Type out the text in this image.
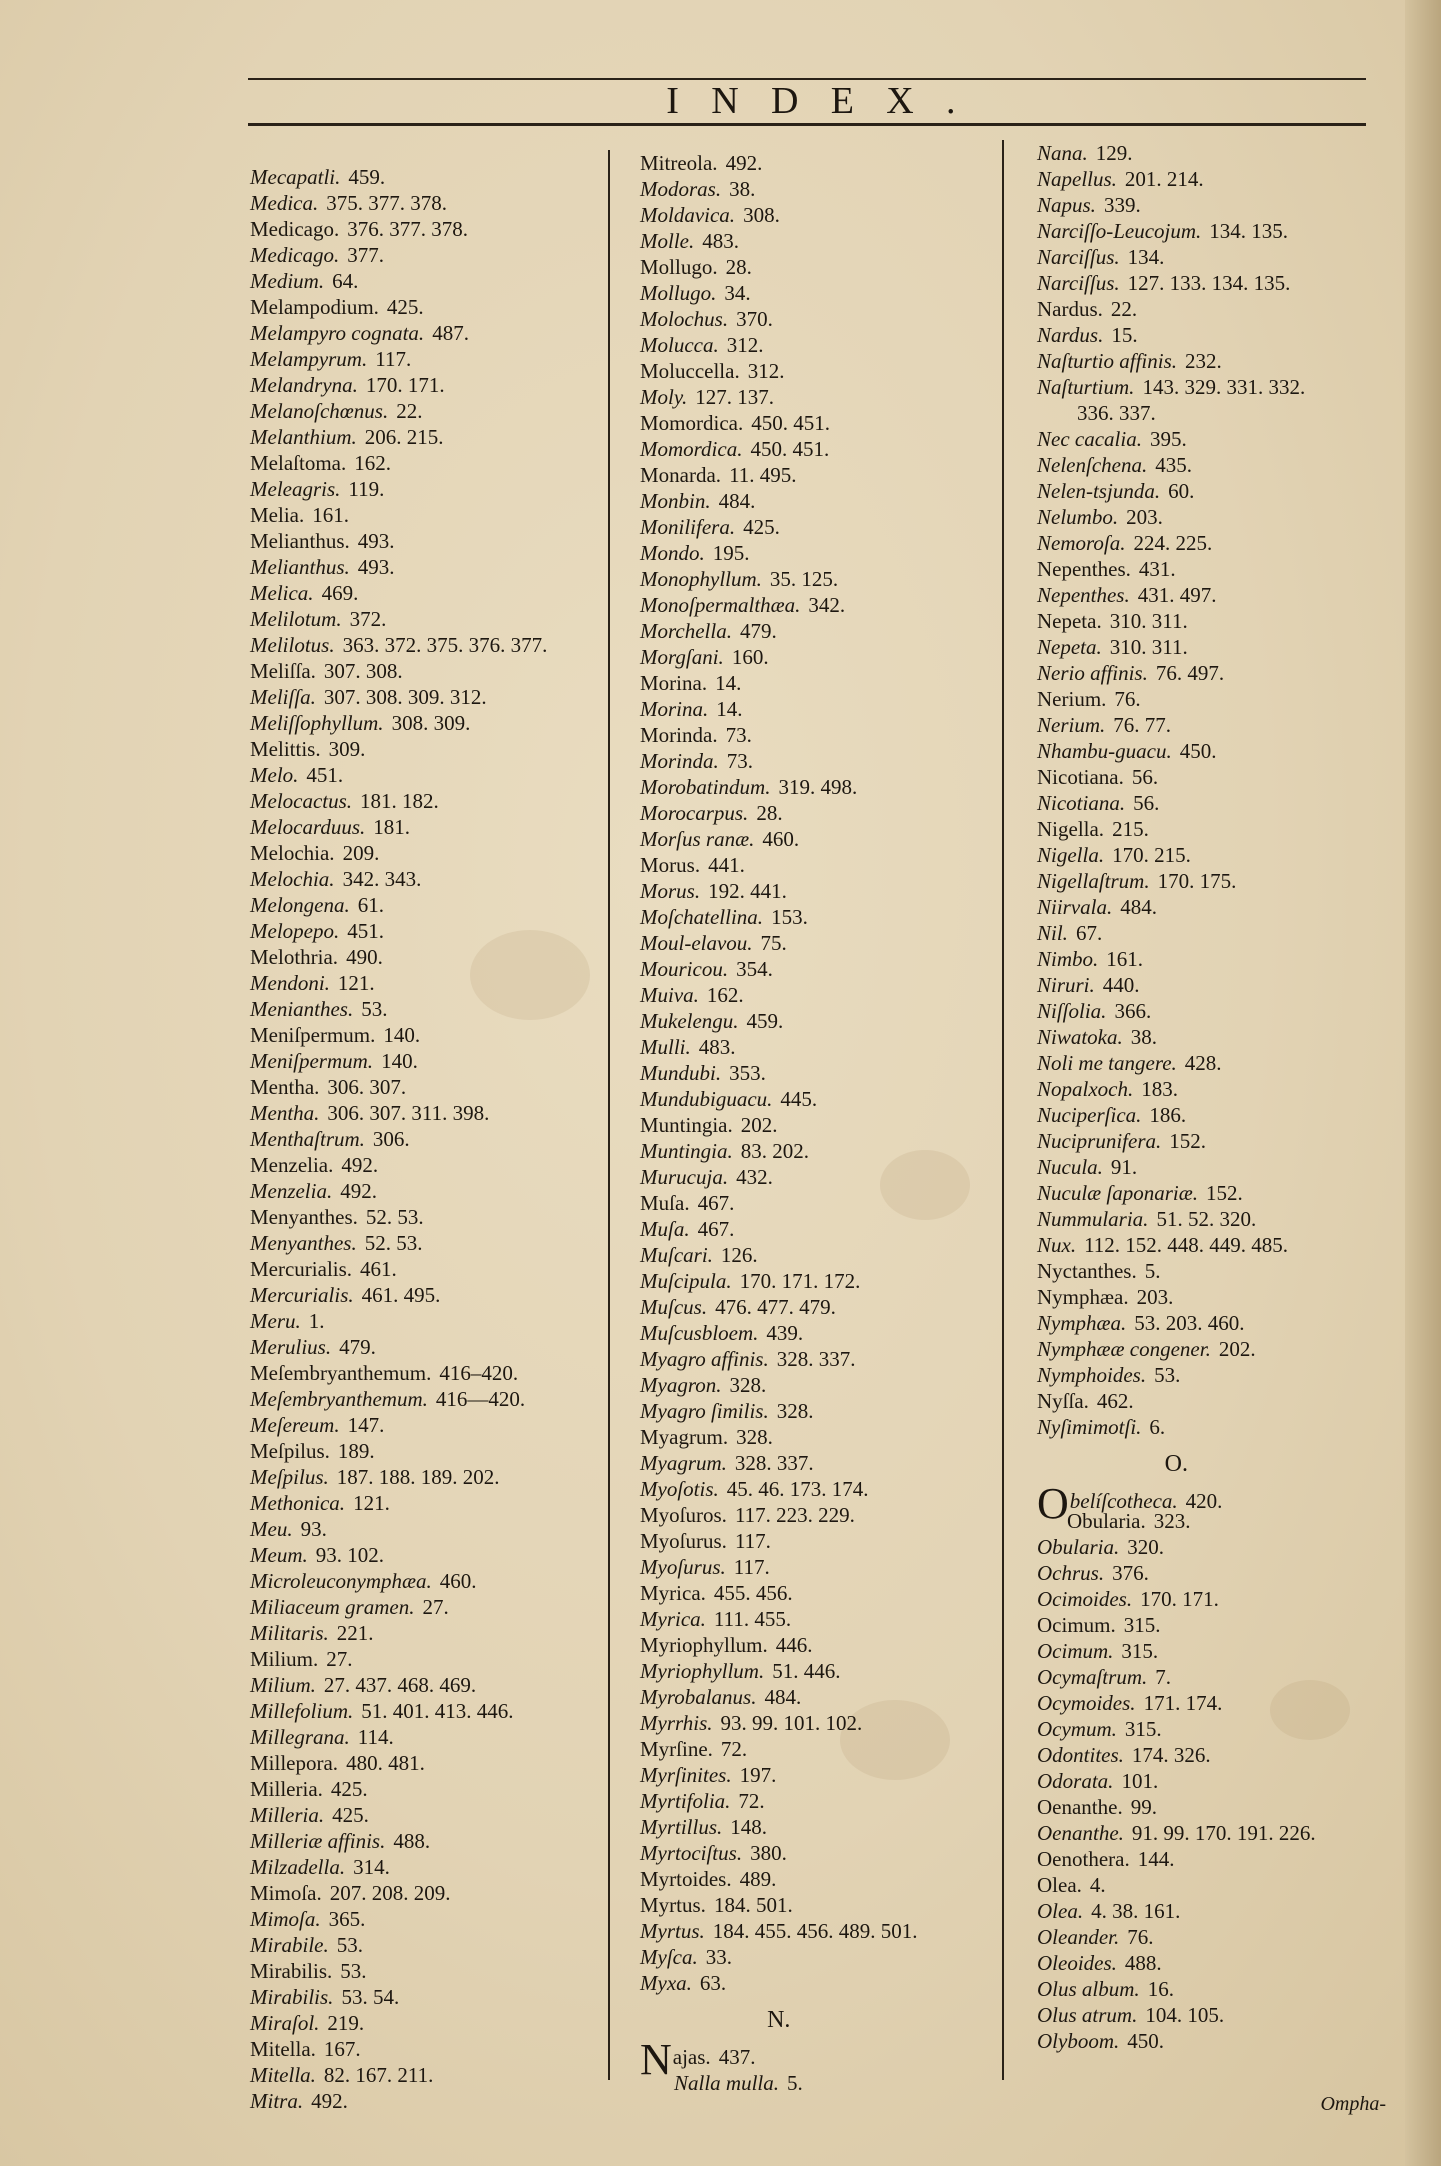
INDEX.
Mecapatli. 459.
Medica. 375. 377. 378.
Medicago. 376. 377. 378.
Medicago. 377.
Medium. 64.
Melampodium. 425.
Melampyro cognata. 487.
Melampyrum. 117.
Melandryna. 170. 171.
Melanoſchœnus. 22.
Melanthium. 206. 215.
Melaſtoma. 162.
Meleagris. 119.
Melia. 161.
Melianthus. 493.
Melianthus. 493.
Melica. 469.
Melilotum. 372.
Melilotus. 363. 372. 375. 376. 377.
Meliſſa. 307. 308.
Meliſſa. 307. 308. 309. 312.
Meliſſophyllum. 308. 309.
Melittis. 309.
Melo. 451.
Melocactus. 181. 182.
Melocarduus. 181.
Melochia. 209.
Melochia. 342. 343.
Melongena. 61.
Melopepo. 451.
Melothria. 490.
Mendoni. 121.
Menianthes. 53.
Meniſpermum. 140.
Meniſpermum. 140.
Mentha. 306. 307.
Mentha. 306. 307. 311. 398.
Menthaſtrum. 306.
Menzelia. 492.
Menzelia. 492.
Menyanthes. 52. 53.
Menyanthes. 52. 53.
Mercurialis. 461.
Mercurialis. 461. 495.
Meru. 1.
Merulius. 479.
Meſembryanthemum. 416–420.
Meſembryanthemum. 416—420.
Meſereum. 147.
Meſpilus. 189.
Meſpilus. 187. 188. 189. 202.
Methonica. 121.
Meu. 93.
Meum. 93. 102.
Microleuconymphæa. 460.
Miliaceum gramen. 27.
Militaris. 221.
Milium. 27.
Milium. 27. 437. 468. 469.
Millefolium. 51. 401. 413. 446.
Millegrana. 114.
Millepora. 480. 481.
Milleria. 425.
Milleria. 425.
Milleriæ affinis. 488.
Milzadella. 314.
Mimoſa. 207. 208. 209.
Mimoſa. 365.
Mirabile. 53.
Mirabilis. 53.
Mirabilis. 53. 54.
Miraſol. 219.
Mitella. 167.
Mitella. 82. 167. 211.
Mitra. 492.
Mitreola. 492.
Modoras. 38.
Moldavica. 308.
Molle. 483.
Mollugo. 28.
Mollugo. 34.
Molochus. 370.
Molucca. 312.
Moluccella. 312.
Moly. 127. 137.
Momordica. 450. 451.
Momordica. 450. 451.
Monarda. 11. 495.
Monbin. 484.
Monilifera. 425.
Mondo. 195.
Monophyllum. 35. 125.
Monoſpermalthæa. 342.
Morchella. 479.
Morgſani. 160.
Morina. 14.
Morina. 14.
Morinda. 73.
Morinda. 73.
Morobatindum. 319. 498.
Morocarpus. 28.
Morſus ranæ. 460.
Morus. 441.
Morus. 192. 441.
Moſchatellina. 153.
Moul-elavou. 75.
Mouricou. 354.
Muiva. 162.
Mukelengu. 459.
Mulli. 483.
Mundubi. 353.
Mundubiguacu. 445.
Muntingia. 202.
Muntingia. 83. 202.
Murucuja. 432.
Muſa. 467.
Muſa. 467.
Muſcari. 126.
Muſcipula. 170. 171. 172.
Muſcus. 476. 477. 479.
Muſcusbloem. 439.
Myagro affinis. 328. 337.
Myagron. 328.
Myagro ſimilis. 328.
Myagrum. 328.
Myagrum. 328. 337.
Myoſotis. 45. 46. 173. 174.
Myoſuros. 117. 223. 229.
Myoſurus. 117.
Myoſurus. 117.
Myrica. 455. 456.
Myrica. 111. 455.
Myriophyllum. 446.
Myriophyllum. 51. 446.
Myrobalanus. 484.
Myrrhis. 93. 99. 101. 102.
Myrſine. 72.
Myrſinites. 197.
Myrtifolia. 72.
Myrtillus. 148.
Myrtociſtus. 380.
Myrtoides. 489.
Myrtus. 184. 501.
Myrtus. 184. 455. 456. 489. 501.
Myſca. 33.
Myxa. 63.
N.
Najas. 437.
Nalla mulla. 5.
Nana. 129.
Napellus. 201. 214.
Napus. 339.
Narciſſo-Leucojum. 134. 135.
Narciſſus. 134.
Narciſſus. 127. 133. 134. 135.
Nardus. 22.
Nardus. 15.
Naſturtio affinis. 232.
Naſturtium. 143. 329. 331. 332.
336. 337.
Nec cacalia. 395.
Nelenſchena. 435.
Nelen-tsjunda. 60.
Nelumbo. 203.
Nemoroſa. 224. 225.
Nepenthes. 431.
Nepenthes. 431. 497.
Nepeta. 310. 311.
Nepeta. 310. 311.
Nerio affinis. 76. 497.
Nerium. 76.
Nerium. 76. 77.
Nhambu-guacu. 450.
Nicotiana. 56.
Nicotiana. 56.
Nigella. 215.
Nigella. 170. 215.
Nigellaſtrum. 170. 175.
Niirvala. 484.
Nil. 67.
Nimbo. 161.
Niruri. 440.
Niſſolia. 366.
Niwatoka. 38.
Noli me tangere. 428.
Nopalxoch. 183.
Nuciperſica. 186.
Nuciprunifera. 152.
Nucula. 91.
Nuculæ ſaponariæ. 152.
Nummularia. 51. 52. 320.
Nux. 112. 152. 448. 449. 485.
Nyctanthes. 5.
Nymphæa. 203.
Nymphæa. 53. 203. 460.
Nymphææ congener. 202.
Nymphoides. 53.
Nyſſa. 462.
Nyſimimotſi. 6.
O.
Obelíſcotheca. 420.
Obularia. 323.
Obularia. 320.
Ochrus. 376.
Ocimoides. 170. 171.
Ocimum. 315.
Ocimum. 315.
Ocymaſtrum. 7.
Ocymoides. 171. 174.
Ocymum. 315.
Odontites. 174. 326.
Odorata. 101.
Oenanthe. 99.
Oenanthe. 91. 99. 170. 191. 226.
Oenothera. 144.
Olea. 4.
Olea. 4. 38. 161.
Oleander. 76.
Oleoides. 488.
Olus album. 16.
Olus atrum. 104. 105.
Olyboom. 450.
Ompha-
